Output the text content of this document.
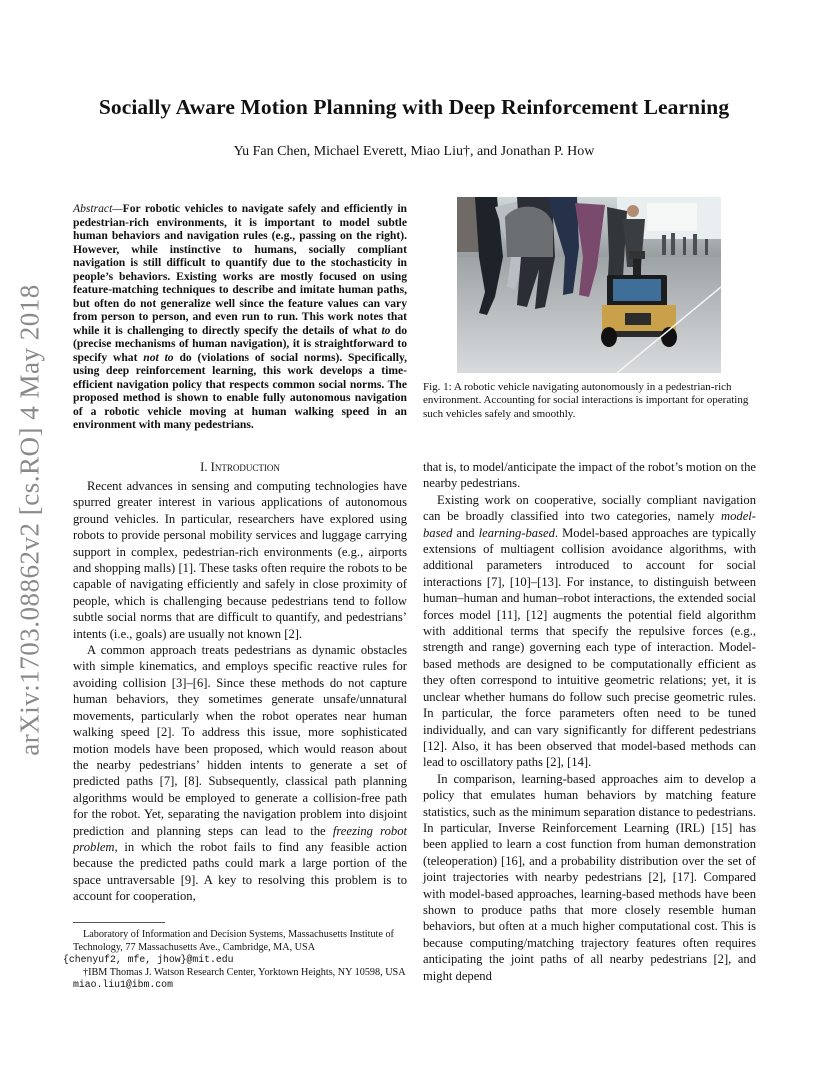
Socially Aware Motion Planning with Deep Reinforcement Learning
Yu Fan Chen, Michael Everett, Miao Liu†, and Jonathan P. How
arXiv:1703.08862v2 [cs.RO] 4 May 2018
Abstract—For robotic vehicles to navigate safely and efficiently in pedestrian-rich environments, it is important to model subtle human behaviors and navigation rules (e.g., passing on the right). However, while instinctive to humans, socially compliant navigation is still difficult to quantify due to the stochasticity in people’s behaviors. Existing works are mostly focused on using feature-matching techniques to describe and imitate human paths, but often do not generalize well since the feature values can vary from person to person, and even run to run. This work notes that while it is challenging to directly specify the details of what to do (precise mechanisms of human navigation), it is straightforward to specify what not to do (violations of social norms). Specifically, using deep reinforcement learning, this work develops a time-efficient navigation policy that respects common social norms. The proposed method is shown to enable fully autonomous navigation of a robotic vehicle moving at human walking speed in an environment with many pedestrians.
I. Introduction

Recent advances in sensing and computing technologies have spurred greater interest in various applications of autonomous ground vehicles. In particular, researchers have explored using robots to provide personal mobility services and luggage carrying support in complex, pedestrian-rich environments (e.g., airports and shopping malls) [1]. These tasks often require the robots to be capable of navigating efficiently and safely in close proximity of people, which is challenging because pedestrians tend to follow subtle social norms that are difficult to quantify, and pedestrians’ intents (i.e., goals) are usually not known [2].

A common approach treats pedestrians as dynamic obstacles with simple kinematics, and employs specific reactive rules for avoiding collision [3]–[6]. Since these methods do not capture human behaviors, they sometimes generate unsafe/unnatural movements, particularly when the robot operates near human walking speed [2]. To address this issue, more sophisticated motion models have been proposed, which would reason about the nearby pedestrians’ hidden intents to generate a set of predicted paths [7], [8]. Subsequently, classical path planning algorithms would be employed to generate a collision-free path for the robot. Yet, separating the navigation problem into disjoint prediction and planning steps can lead to the freezing robot problem, in which the robot fails to find any feasible action because the predicted paths could mark a large portion of the space untraversable [9]. A key to resolving this problem is to account for cooperation,

Laboratory of Information and Decision Systems, Massachusetts Institute of Technology, 77 Massachusetts Ave., Cambridge, MA, USA
{chenyuf2, mfe, jhow}@mit.edu

†IBM Thomas J. Watson Research Center, Yorktown Heights, NY 10598, USA miao.liu1@ibm.com

Fig. 1: A robotic vehicle navigating autonomously in a pedestrian-rich environment. Accounting for social interactions is important for operating such vehicles safely and smoothly.

that is, to model/anticipate the impact of the robot’s motion on the nearby pedestrians.

Existing work on cooperative, socially compliant navigation can be broadly classified into two categories, namely model-based and learning-based. Model-based approaches are typically extensions of multiagent collision avoidance algorithms, with additional parameters introduced to account for social interactions [7], [10]–[13]. For instance, to distinguish between human–human and human–robot interactions, the extended social forces model [11], [12] augments the potential field algorithm with additional terms that specify the repulsive forces (e.g., strength and range) governing each type of interaction. Model-based methods are designed to be computationally efficient as they often correspond to intuitive geometric relations; yet, it is unclear whether humans do follow such precise geometric rules. In particular, the force parameters often need to be tuned individually, and can vary significantly for different pedestrians [12]. Also, it has been observed that model-based methods can lead to oscillatory paths [2], [14].

In comparison, learning-based approaches aim to develop a policy that emulates human behaviors by matching feature statistics, such as the minimum separation distance to pedestrians. In particular, Inverse Reinforcement Learning (IRL) [15] has been applied to learn a cost function from human demonstration (teleoperation) [16], and a probability distribution over the set of joint trajectories with nearby pedestrians [2], [17]. Compared with model-based approaches, learning-based methods have been shown to produce paths that more closely resemble human behaviors, but often at a much higher computational cost. This is because computing/matching trajectory features often requires anticipating the joint paths of all nearby pedestrians [2], and might depend
